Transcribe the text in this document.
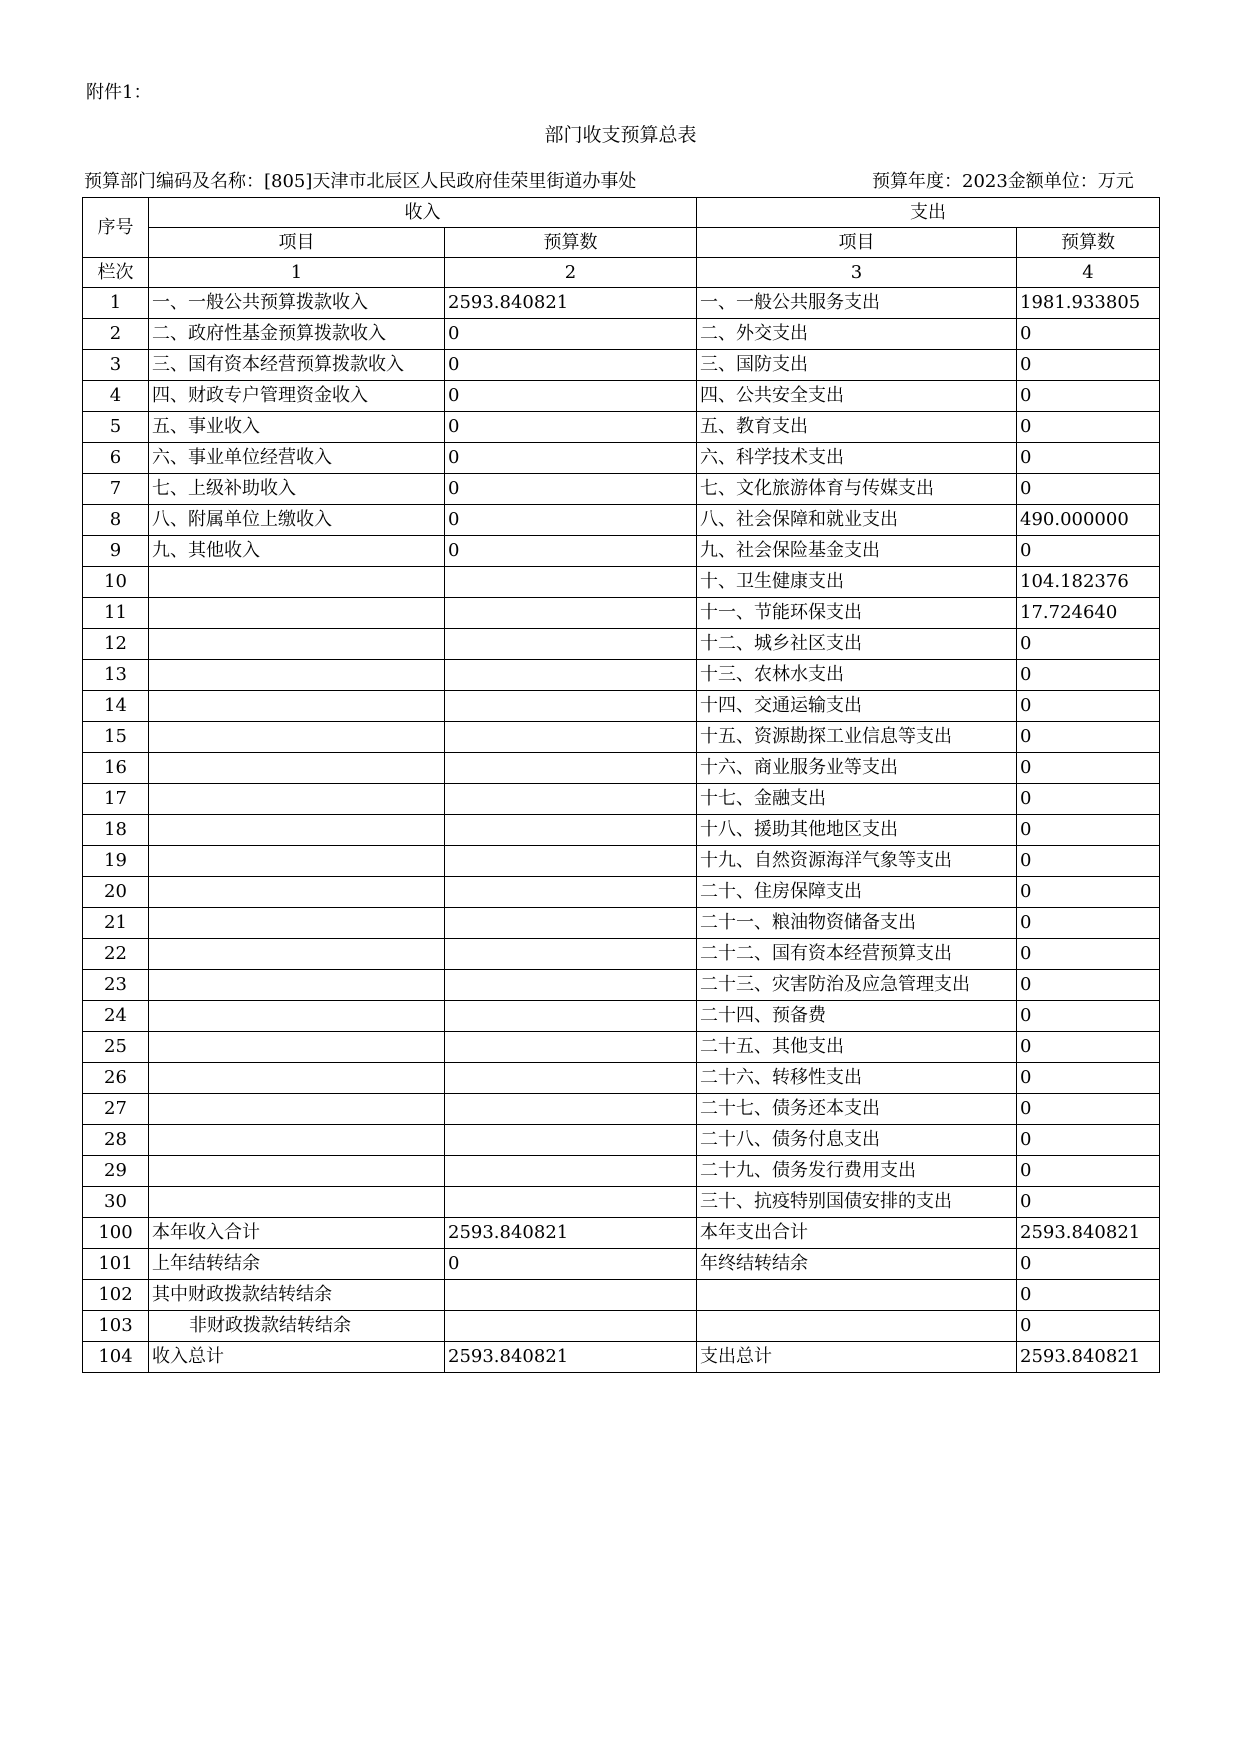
附件1：
部门收支预算总表
预算部门编码及名称：[805]天津市北辰区人民政府佳荣里街道办事处	预算年度：2023金额单位：万元
序号	收入		支出	
	项目	预算数	项目	预算数
栏次	1	2	3	4
1	一、一般公共预算拨款收入	2593.840821	一、一般公共服务支出	1981.933805
2	二、政府性基金预算拨款收入	0	二、外交支出	0
3	三、国有资本经营预算拨款收入	0	三、国防支出	0
4	四、财政专户管理资金收入	0	四、公共安全支出	0
5	五、事业收入	0	五、教育支出	0
6	六、事业单位经营收入	0	六、科学技术支出	0
7	七、上级补助收入	0	七、文化旅游体育与传媒支出	0
8	八、附属单位上缴收入	0	八、社会保障和就业支出	490.000000
9	九、其他收入	0	九、社会保险基金支出	0
10			十、卫生健康支出	104.182376
11			十一、节能环保支出	17.724640
12			十二、城乡社区支出	0
13			十三、农林水支出	0
14			十四、交通运输支出	0
15			十五、资源勘探工业信息等支出	0
16			十六、商业服务业等支出	0
17			十七、金融支出	0
18			十八、援助其他地区支出	0
19			十九、自然资源海洋气象等支出	0
20			二十、住房保障支出	0
21			二十一、粮油物资储备支出	0
22			二十二、国有资本经营预算支出	0
23			二十三、灾害防治及应急管理支出	0
24			二十四、预备费	0
25			二十五、其他支出	0
26			二十六、转移性支出	0
27			二十七、债务还本支出	0
28			二十八、债务付息支出	0
29			二十九、债务发行费用支出	0
30			三十、抗疫特别国债安排的支出	0
100	本年收入合计	2593.840821	本年支出合计	2593.840821
101	上年结转结余	0	年终结转结余	0
102	其中财政拨款结转结余			0
103	非财政拨款结转结余			0
104	收入总计	2593.840821	支出总计	2593.840821
